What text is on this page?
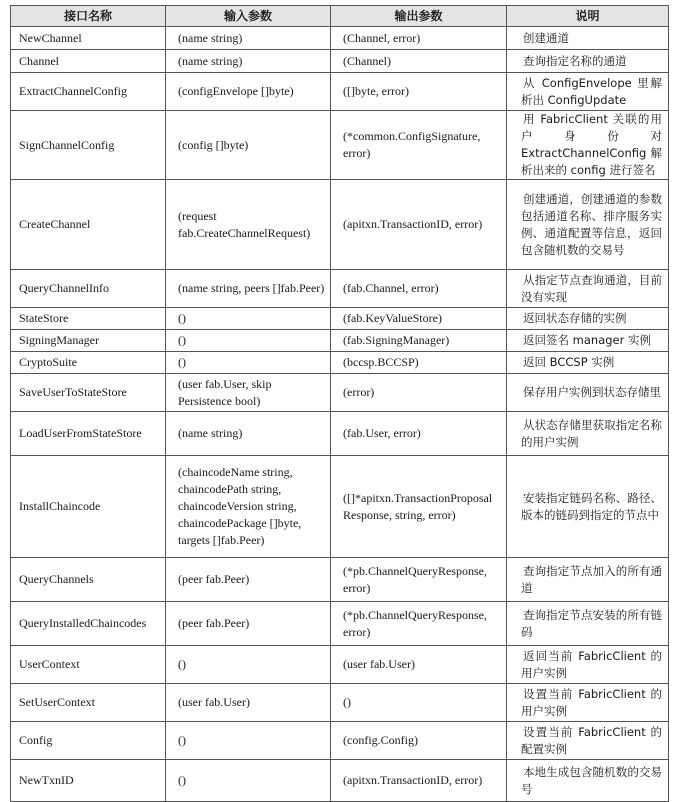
接口名称	输入参数	输出参数	说明
NewChannel	(name string)	(Channel, error)	创建通道
Channel	(name string)	(Channel)	查询指定名称的通道
ExtractChannelConfig	(configEnvelope []byte)	([]byte, error)	从 ConfigEnvelope 里解析出 ConfigUpdate
SignChannelConfig	(config []byte)	(*common.ConfigSignature, error)	用 FabricClient 关联的用户身份对 ExtractChannelConfig 解析出来的 config 进行签名
CreateChannel	(request fab.CreateChannelRequest)	(apitxn.TransactionID, error)	创建通道，创建通道的参数包括通道名称、排序服务实例、通道配置等信息，返回包含随机数的交易号
QueryChannelInfo	(name string, peers []fab.Peer)	(fab.Channel, error)	从指定节点查询通道，目前没有实现
StateStore	()	(fab.KeyValueStore)	返回状态存储的实例
SigningManager	()	(fab.SigningManager)	返回签名 manager 实例
CryptoSuite	()	(bccsp.BCCSP)	返回 BCCSP 实例
SaveUserToStateStore	(user fab.User, skip Persistence bool)	(error)	保存用户实例到状态存储里
LoadUserFromStateStore	(name string)	(fab.User, error)	从状态存储里获取指定名称的用户实例
InstallChaincode	(chaincodeName string, chaincodePath string, chaincodeVersion string, chaincodePackage []byte, targets []fab.Peer)	([]*apitxn.TransactionProposal Response, string, error)	安装指定链码名称、路径、版本的链码到指定的节点中
QueryChannels	(peer fab.Peer)	(*pb.ChannelQueryResponse, error)	查询指定节点加入的所有通道
QueryInstalledChaincodes	(peer fab.Peer)	(*pb.ChannelQueryResponse, error)	查询指定节点安装的所有链码
UserContext	()	(user fab.User)	返回当前 FabricClient 的用户实例
SetUserContext	(user fab.User)	()	设置当前 FabricClient 的用户实例
Config	()	(config.Config)	设置当前 FabricClient 的配置实例
NewTxnID	()	(apitxn.TransactionID, error)	本地生成包含随机数的交易号
